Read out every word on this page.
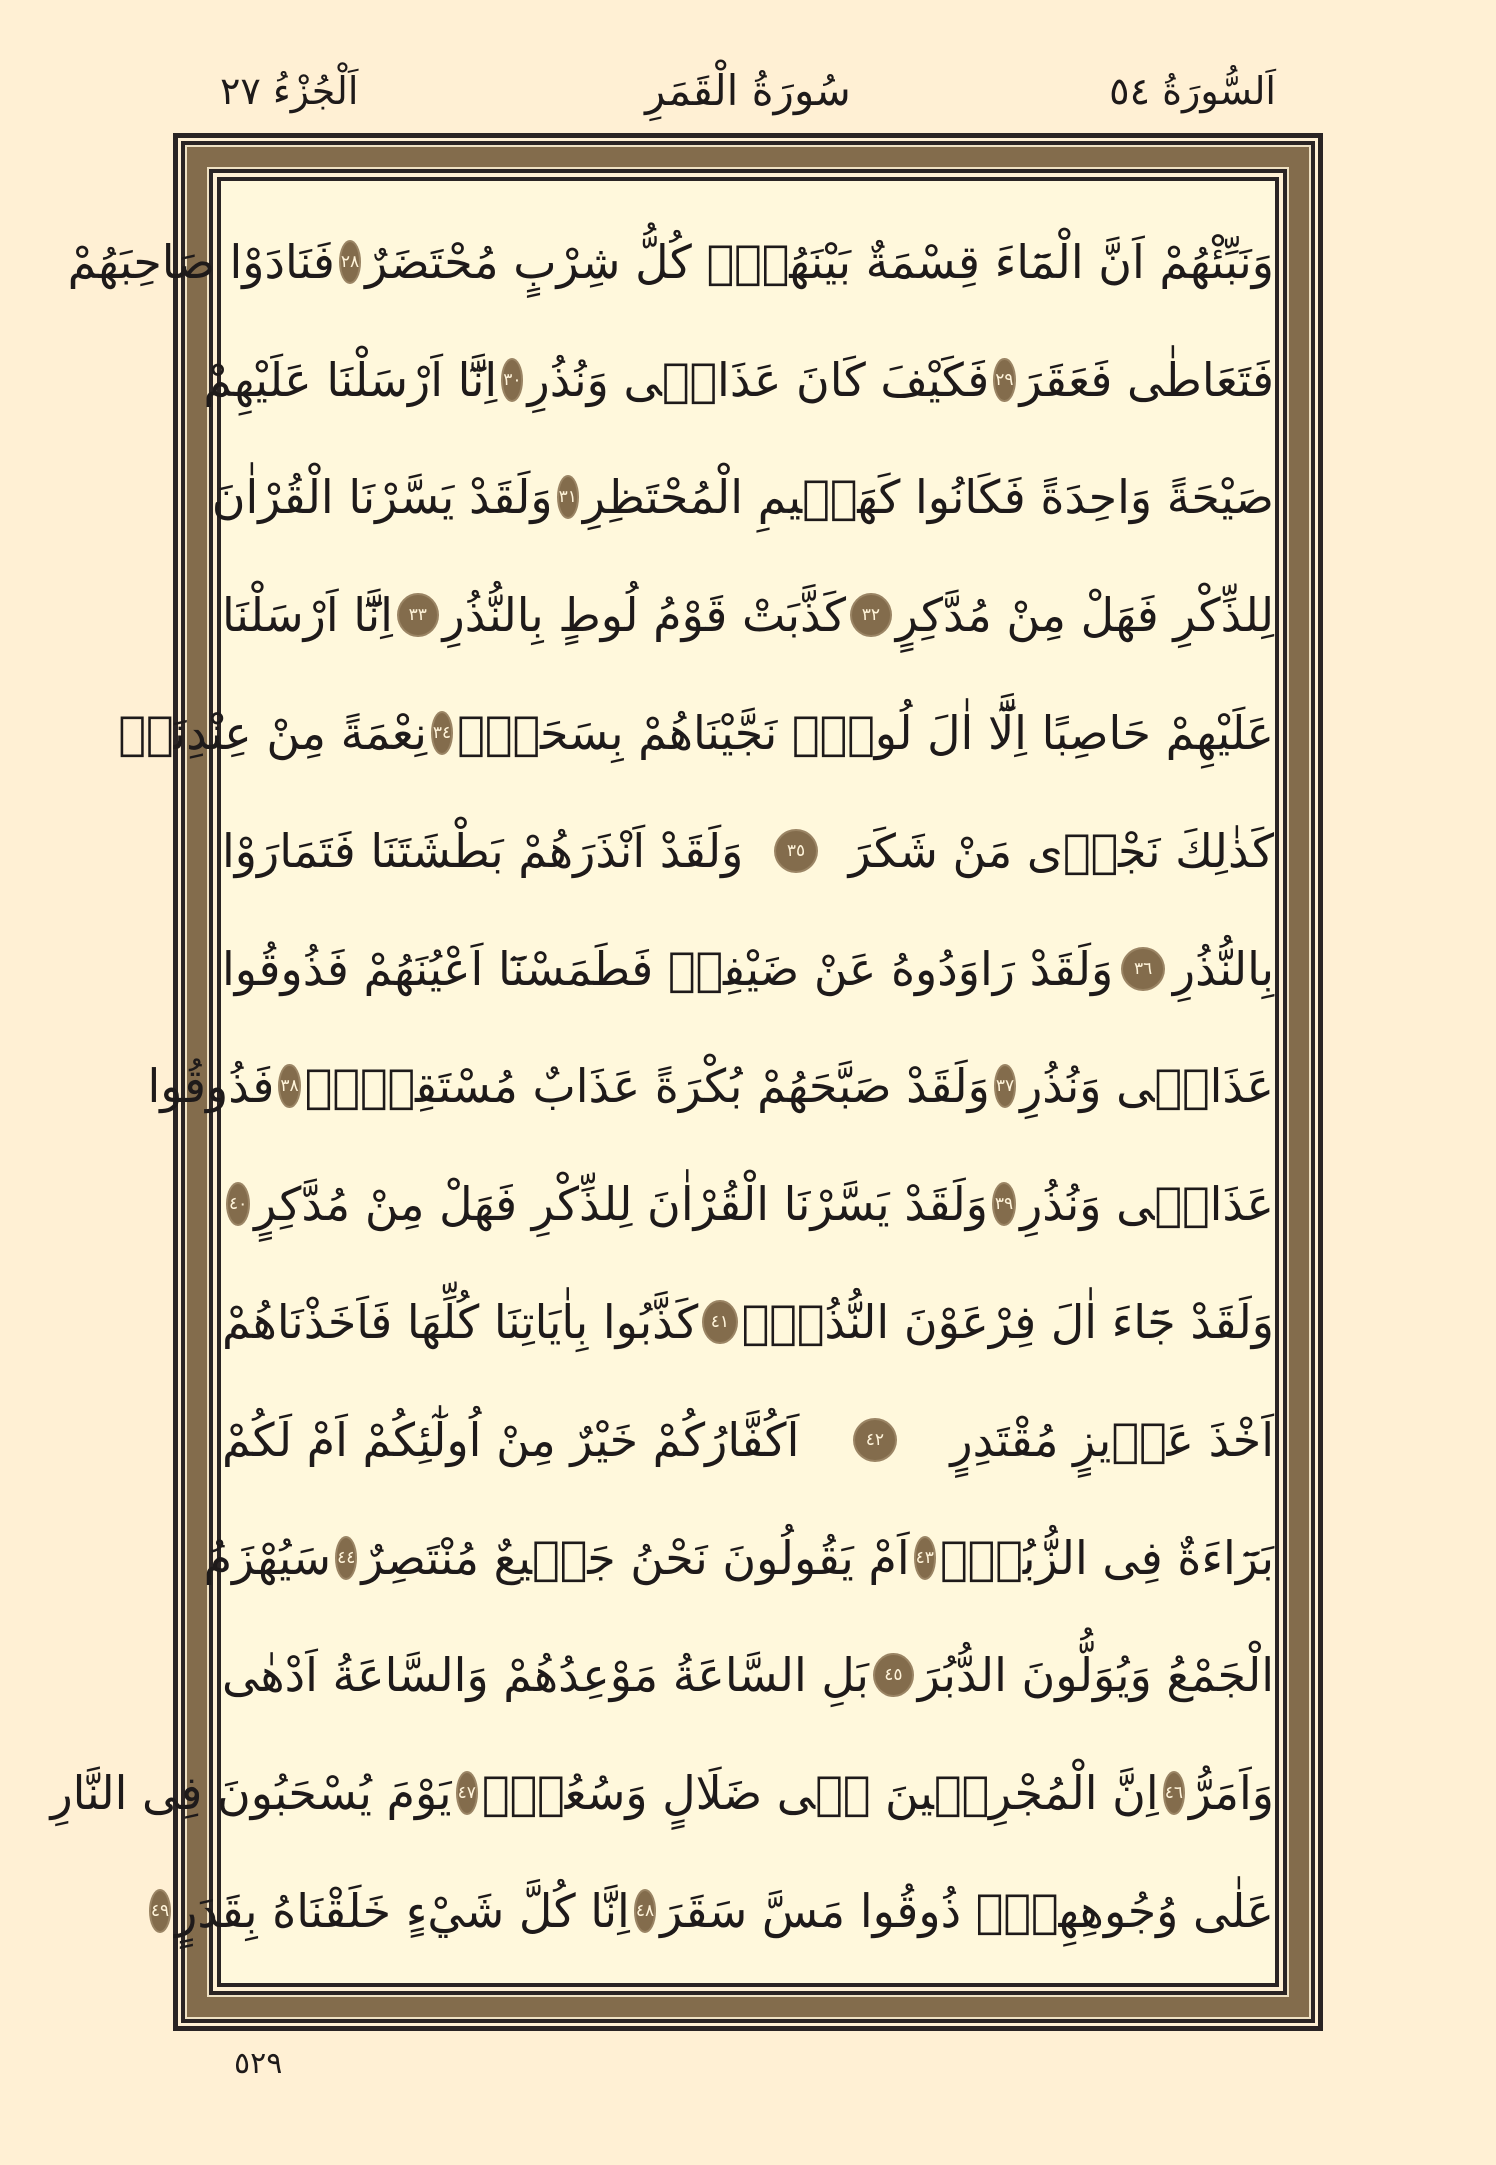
اَلْجُزْءُ ٢٧	سُورَةُ الْقَمَرِ	اَلسُّورَةُ ٥٤
وَنَبِّئْهُمْ اَنَّ الْمَٓاءَ قِسْمَةٌ بَيْنَهُمْۚ كُلُّ شِرْبٍ مُحْتَضَرٌ
٢٨
فَنَادَوْا صَاحِبَهُمْ
فَتَعَاطٰى فَعَقَرَ
٢٩
فَكَيْفَ كَانَ عَذَابٖى وَنُذُرِ
٣٠
اِنَّٓا اَرْسَلْنَا عَلَيْهِمْ
صَيْحَةً وَاحِدَةً فَكَانُوا كَهَشٖيمِ الْمُحْتَظِرِ
٣١
وَلَقَدْ يَسَّرْنَا الْقُرْاٰنَ
لِلذِّكْرِ فَهَلْ مِنْ مُدَّكِرٍ
٣٢
كَذَّبَتْ قَوْمُ لُوطٍ بِالنُّذُرِ
٣٣
اِنَّٓا اَرْسَلْنَا
عَلَيْهِمْ حَاصِبًا اِلَّٓا اٰلَ لُوطٍۜ نَجَّيْنَاهُمْ بِسَحَرٍۙ
٣٤
نِعْمَةً مِنْ عِنْدِنَاۜ
كَذٰلِكَ نَجْزٖى مَنْ شَكَرَ
٣٥
وَلَقَدْ اَنْذَرَهُمْ بَطْشَتَنَا فَتَمَارَوْا
بِالنُّذُرِ
٣٦
وَلَقَدْ رَاوَدُوهُ عَنْ ضَيْفِهٖ فَطَمَسْنَٓا اَعْيُنَهُمْ فَذُوقُوا
عَذَابٖى وَنُذُرِ
٣٧
وَلَقَدْ صَبَّحَهُمْ بُكْرَةً عَذَابٌ مُسْتَقِرٌّۚ
٣٨
فَذُوقُوا
عَذَابٖى وَنُذُرِ
٣٩
وَلَقَدْ يَسَّرْنَا الْقُرْاٰنَ لِلذِّكْرِ فَهَلْ مِنْ مُدَّكِرٍ
٤٠
وَلَقَدْ جَٓاءَ اٰلَ فِرْعَوْنَ النُّذُرُۚ
٤١
كَذَّبُوا بِاٰيَاتِنَا كُلِّهَا فَاَخَذْنَاهُمْ
اَخْذَ عَزٖيزٍ مُقْتَدِرٍ
٤٢
اَكُفَّارُكُمْ خَيْرٌ مِنْ اُولٰٓئِكُمْ اَمْ لَكُمْ
بَرَٓاءَةٌ فِى الزُّبُرِۚ
٤٣
اَمْ يَقُولُونَ نَحْنُ جَمٖيعٌ مُنْتَصِرٌ
٤٤
سَيُهْزَمُ
الْجَمْعُ وَيُوَلُّونَ الدُّبُرَ
٤٥
بَلِ السَّاعَةُ مَوْعِدُهُمْ وَالسَّاعَةُ اَدْهٰى
وَاَمَرُّ
٤٦
اِنَّ الْمُجْرِمٖينَ فٖى ضَلَالٍ وَسُعُرٍۢ
٤٧
يَوْمَ يُسْحَبُونَ فِى النَّارِ
عَلٰى وُجُوهِهِمْۜ ذُوقُوا مَسَّ سَقَرَ
٤٨
اِنَّا كُلَّ شَيْءٍ خَلَقْنَاهُ بِقَدَرٍ
٤٩
٥٢٩
